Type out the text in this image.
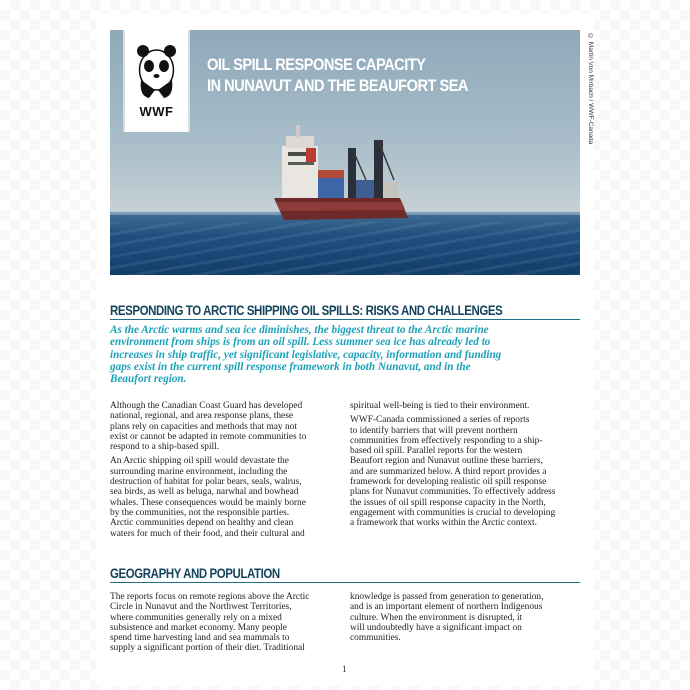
WWF
OIL SPILL RESPONSE CAPACITY
IN NUNAVUT AND THE BEAUFORT SEA	© Martin Von Mirbach / WWF-Canada
RESPONDING TO ARCTIC SHIPPING OIL SPILLS: RISKS AND CHALLENGES
As the Arctic warms and sea ice diminishes, the biggest threat to the Arctic marine
environment from ships is from an oil spill. Less summer sea ice has already led to
increases in ship traffic, yet significant legislative, capacity, information and funding
gaps exist in the current spill response framework in both Nunavut, and in the
Beaufort region.

Although the Canadian Coast Guard has developed
national, regional, and area response plans, these
plans rely on capacities and methods that may not
exist or cannot be adapted in remote communities to
respond to a ship-based spill.

An Arctic shipping oil spill would devastate the
surrounding marine environment, including the
destruction of habitat for polar bears, seals, walrus,
sea birds, as well as beluga, narwhal and bowhead
whales. These consequences would be mainly borne
by the communities, not the responsible parties.
Arctic communities depend on healthy and clean
waters for much of their food, and their cultural and

spiritual well-being is tied to their environment.

WWF-Canada commissioned a series of reports
to identify barriers that will prevent northern
communities from effectively responding to a ship-
based oil spill. Parallel reports for the western
Beaufort region and Nunavut outline these barriers,
and are summarized below. A third report provides a
framework for developing realistic oil spill response
plans for Nunavut communities. To effectively address
the issues of oil spill response capacity in the North,
engagement with communities is crucial to developing
a framework that works within the Arctic context.

GEOGRAPHY AND POPULATION
The reports focus on remote regions above the Arctic
Circle in Nunavut and the Northwest Territories,
where communities generally rely on a mixed
subsistence and market economy. Many people
spend time harvesting land and sea mammals to
supply a significant portion of their diet. Traditional
knowledge is passed from generation to generation,
and is an important element of northern Indigenous
culture. When the environment is disrupted, it
will undoubtedly have a significant impact on
communities.
1
